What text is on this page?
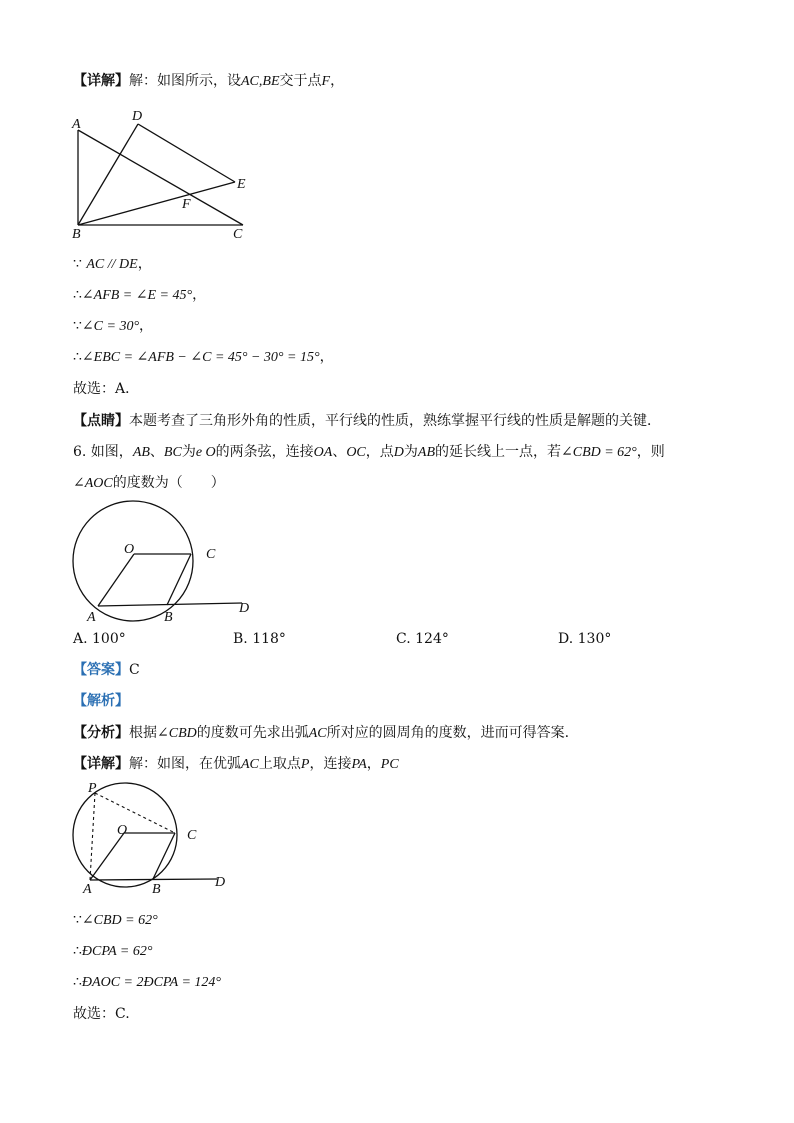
【详解】解：如图所示，设AC,BE交于点F，
A
D
E
F
B	C
∵ AC // DE，
∴∠AFB = ∠E = 45°，
∵∠C = 30°，
∴∠EBC = ∠AFB − ∠C = 45° − 30° = 15°，
故选：A．
【点睛】本题考查了三角形外角的性质，平行线的性质，熟练掌握平行线的性质是解题的关键．
6. 如图，AB、BC为e O的两条弦，连接OA、OC，点D为AB的延长线上一点，若∠CBD = 62°，则
∠AOC的度数为（　　）
O	C
A	B
D
A. 100°	B. 118°	C. 124°	D. 130°
【答案】C
【解析】
【分析】根据∠CBD的度数可先求出弧AC所对应的圆周角的度数，进而可得答案.
【详解】解：如图，在优弧AC上取点P，连接PA，PC
P
O	C
A	B	D
∵∠CBD = 62°
∴ÐCPA = 62°
∴ÐAOC = 2ÐCPA = 124°
故选：C.
